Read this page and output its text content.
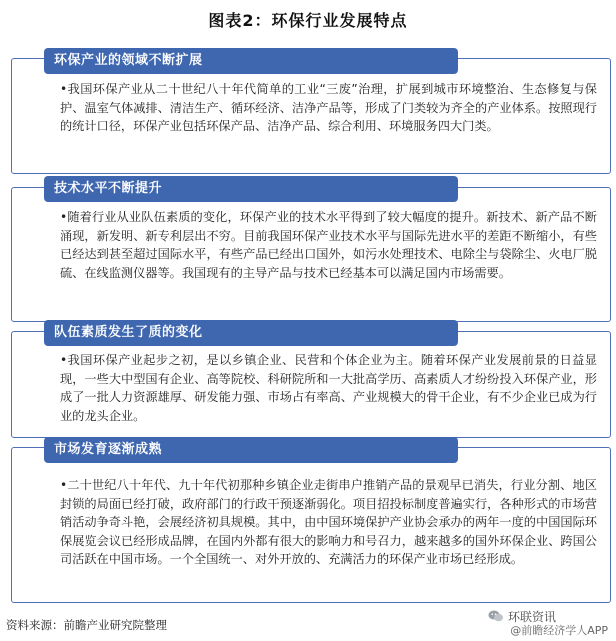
图表2：环保行业发展特点
环保产业的领域不断扩展
•我国环保产业从二十世纪八十年代简单的工业“三废”治理，扩展到城市环境整治、生态修复与保护、温室气体减排、清洁生产、循环经济、洁净产品等，形成了门类较为齐全的产业体系。按照现行的统计口径，环保产业包括环保产品、洁净产品、综合利用、环境服务四大门类。
技术水平不断提升
•随着行业从业队伍素质的变化，环保产业的技术水平得到了较大幅度的提升。新技术、新产品不断涌现，新发明、新专利层出不穷。目前我国环保产业技术水平与国际先进水平的差距不断缩小，有些已经达到甚至超过国际水平，有些产品已经出口国外，如污水处理技术、电除尘与袋除尘、火电厂脱硫、在线监测仪器等。我国现有的主导产品与技术已经基本可以满足国内市场需要。
队伍素质发生了质的变化
•我国环保产业起步之初，是以乡镇企业、民营和个体企业为主。随着环保产业发展前景的日益显现，一些大中型国有企业、高等院校、科研院所和一大批高学历、高素质人才纷纷投入环保产业，形成了一批人力资源雄厚、研发能力强、市场占有率高、产业规模大的骨干企业，有不少企业已成为行业的龙头企业。
市场发育逐渐成熟
•二十世纪八十年代、九十年代初那种乡镇企业走街串户推销产品的景观早已消失，行业分割、地区封锁的局面已经打破，政府部门的行政干预逐渐弱化。项目招投标制度普遍实行，各种形式的市场营销活动争奇斗艳，会展经济初具规模。其中，由中国环境保护产业协会承办的两年一度的中国国际环保展览会议已经形成品牌，在国内外都有很大的影响力和号召力，越来越多的国外环保企业、跨国公司活跃在中国市场。一个全国统一、对外开放的、充满活力的环保产业市场已经形成。
资料来源：前瞻产业研究院整理
环联资讯
@前瞻经济学人APP
